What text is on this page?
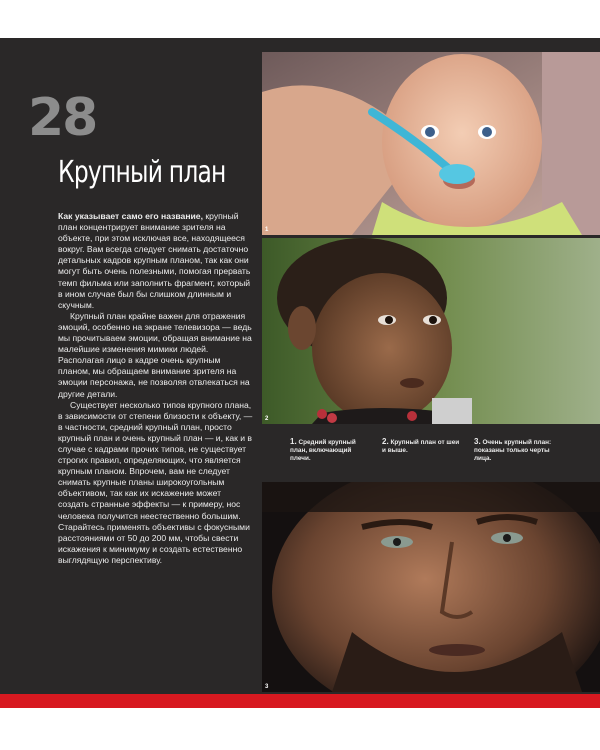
28
Крупный план

Как указывает само его название, крупный план концентрирует внимание зрителя на объекте, при этом исключая все, находящееся вокруг. Вам всегда следует снимать достаточно детальных кадров крупным планом, так как они могут быть очень полезными, помогая прервать темп фильма или заполнить фрагмент, который в ином случае был бы слишком длинным и скучным.

Крупный план крайне важен для отражения эмоций, особенно на экране телевизора — ведь мы прочитываем эмоции, обращая внимание на малейшие изменения мимики людей. Располагая лицо в кадре очень крупным планом, мы обращаем внимание зрителя на эмоции персонажа, не позволяя отвлекаться на другие детали.

Существует несколько типов крупного плана, в зависимости от степени близости к объекту, — в частности, средний крупный план, просто крупный план и очень крупный план — и, как и в случае с кадрами прочих типов, не существует строгих правил, определяющих, что является крупным планом. Впрочем, вам не следует снимать крупные планы широкоугольным объективом, так как их искажение может создать странные эффекты — к примеру, нос человека получится неестественно большим. Старайтесь применять объективы с фокусными расстояниями от 50 до 200 мм, чтобы свести искажения к минимуму и создать естественно выглядящую перспективу.

1
2
1. Средний крупный план, включающий плечи.
2. Крупный план от шеи и выше.
3. Очень крупный план: показаны только черты лица.
3
